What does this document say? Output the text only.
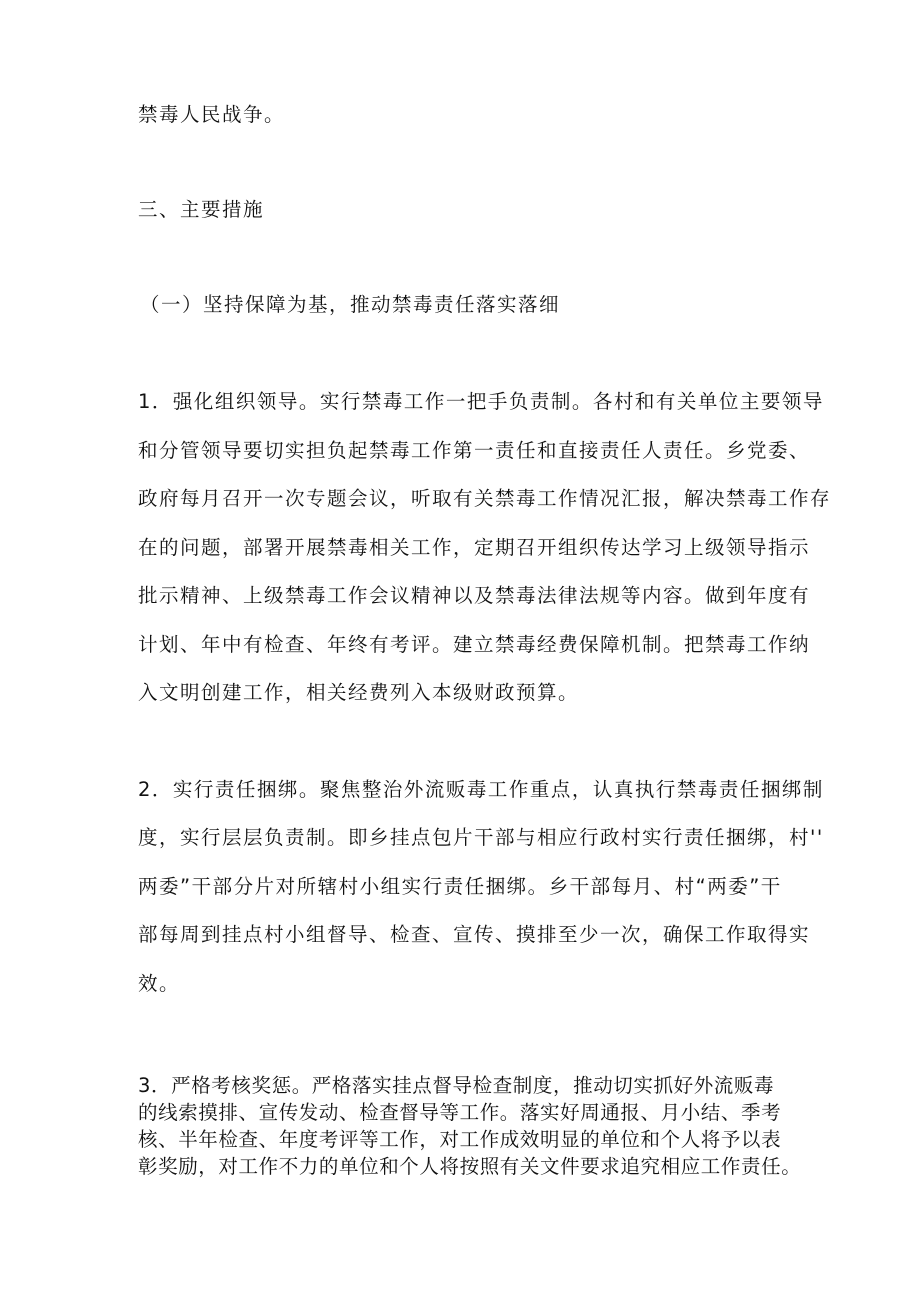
禁毒人民战争。
三、主要措施
（一）坚持保障为基，推动禁毒责任落实落细
1．强化组织领导。实行禁毒工作一把手负责制。各村和有关单位主要领导
和分管领导要切实担负起禁毒工作第一责任和直接责任人责任。乡党委、
政府每月召开一次专题会议，听取有关禁毒工作情况汇报，解决禁毒工作存
在的问题，部署开展禁毒相关工作，定期召开组织传达学习上级领导指示
批示精神、上级禁毒工作会议精神以及禁毒法律法规等内容。做到年度有
计划、年中有检查、年终有考评。建立禁毒经费保障机制。把禁毒工作纳
入文明创建工作，相关经费列入本级财政预算。
2．实行责任捆绑。聚焦整治外流贩毒工作重点，认真执行禁毒责任捆绑制
度，实行层层负责制。即乡挂点包片干部与相应行政村实行责任捆绑，村''
两委”干部分片对所辖村小组实行责任捆绑。乡干部每月、村“两委”干
部每周到挂点村小组督导、检查、宣传、摸排至少一次，确保工作取得实
效。
3．严格考核奖惩。严格落实挂点督导检查制度，推动切实抓好外流贩毒
的线索摸排、宣传发动、检查督导等工作。落实好周通报、月小结、季考
核、半年检查、年度考评等工作，对工作成效明显的单位和个人将予以表
彰奖励，对工作不力的单位和个人将按照有关文件要求追究相应工作责任。
